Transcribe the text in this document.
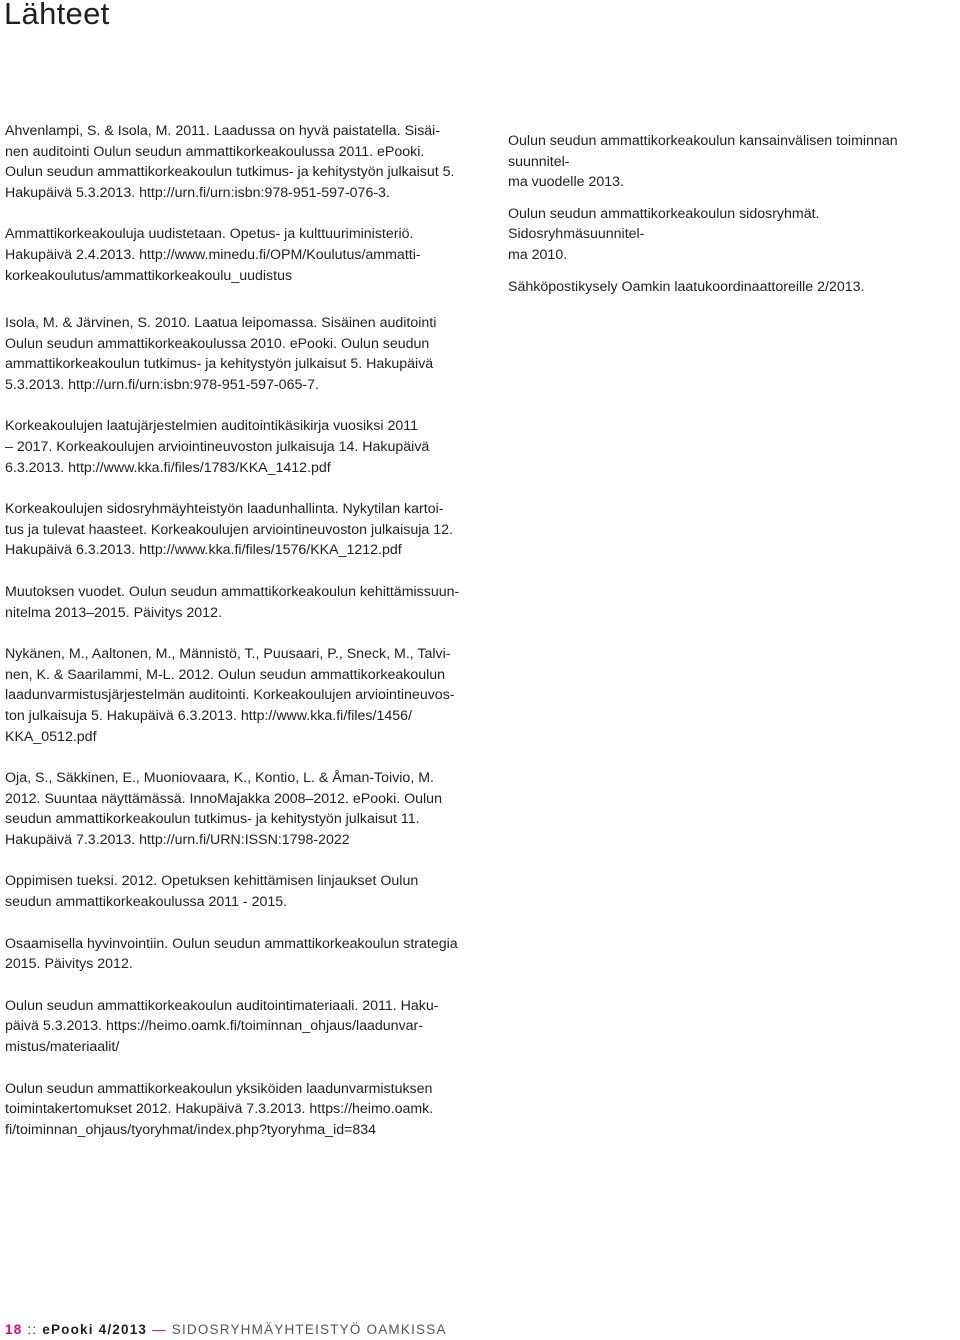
Lähteet

Ahvenlampi, S. & Isola, M. 2011. Laadussa on hyvä paistatella. Sisäi-
nen auditointi Oulun seudun ammattikorkeakoulussa 2011. ePooki.
Oulun seudun ammattikorkeakoulun tutkimus- ja kehitystyön julkaisut 5.
Hakupäivä 5.3.2013. http://urn.fi/urn:isbn:978-951-597-076-3.

Ammattikorkeakouluja uudistetaan. Opetus- ja kulttuuriministeriö.
Hakupäivä 2.4.2013. http://www.minedu.fi/OPM/Koulutus/ammatti-
korkeakoulutus/ammattikorkeakoulu_uudistus

Oulun seudun ammattikorkeakoulun kansainvälisen toiminnan suunnitel-
ma vuodelle 2013.

Oulun seudun ammattikorkeakoulun sidosryhmät. Sidosryhmäsuunnitel-
ma 2010.

Sähköpostikysely Oamkin laatukoordinaattoreille 2/2013.

Isola, M. & Järvinen, S. 2010. Laatua leipomassa. Sisäinen auditointi
Oulun seudun ammattikorkeakoulussa 2010. ePooki. Oulun seudun
ammattikorkeakoulun tutkimus- ja kehitystyön julkaisut 5. Hakupäivä
5.3.2013. http://urn.fi/urn:isbn:978-951-597-065-7.

Korkeakoulujen laatujärjestelmien auditointikäsikirja vuosiksi 2011
– 2017. Korkeakoulujen arviointineuvoston julkaisuja 14. Hakupäivä
6.3.2013. http://www.kka.fi/files/1783/KKA_1412.pdf

Korkeakoulujen sidosryhmäyhteistyön laadunhallinta. Nykytilan kartoi-
tus ja tulevat haasteet. Korkeakoulujen arviointineuvoston julkaisuja 12.
Hakupäivä 6.3.2013. http://www.kka.fi/files/1576/KKA_1212.pdf

Muutoksen vuodet. Oulun seudun ammattikorkeakoulun kehittämissuun-
nitelma 2013–2015. Päivitys 2012.

Nykänen, M., Aaltonen, M., Männistö, T., Puusaari, P., Sneck, M., Talvi-
nen, K. & Saarilammi, M-L. 2012. Oulun seudun ammattikorkeakoulun
laadunvarmistusjärjestelmän auditointi. Korkeakoulujen arviointineuvos-
ton julkaisuja 5. Hakupäivä 6.3.2013. http://www.kka.fi/files/1456/
KKA_0512.pdf

Oja, S., Säkkinen, E., Muoniovaara, K., Kontio, L. & Åman-Toivio, M.
2012. Suuntaa näyttämässä. InnoMajakka 2008–2012. ePooki. Oulun
seudun ammattikorkeakoulun tutkimus- ja kehitystyön julkaisut 11.
Hakupäivä 7.3.2013. http://urn.fi/URN:ISSN:1798-2022

Oppimisen tueksi. 2012. Opetuksen kehittämisen linjaukset Oulun
seudun ammattikorkeakoulussa 2011 - 2015.

Osaamisella hyvinvointiin. Oulun seudun ammattikorkeakoulun strategia
2015. Päivitys 2012.

Oulun seudun ammattikorkeakoulun auditointimateriaali. 2011. Haku-
päivä 5.3.2013. https://heimo.oamk.fi/toiminnan_ohjaus/laadunvar-
mistus/materiaalit/

Oulun seudun ammattikorkeakoulun yksiköiden laadunvarmistuksen
toimintakertomukset 2012. Hakupäivä 7.3.2013. https://heimo.oamk.
fi/toiminnan_ohjaus/tyoryhmat/index.php?tyoryhma_id=834

18 :: ePooki 4/2013 — SIDOSRYHMÄYHTEISTYÖ OAMKISSA
